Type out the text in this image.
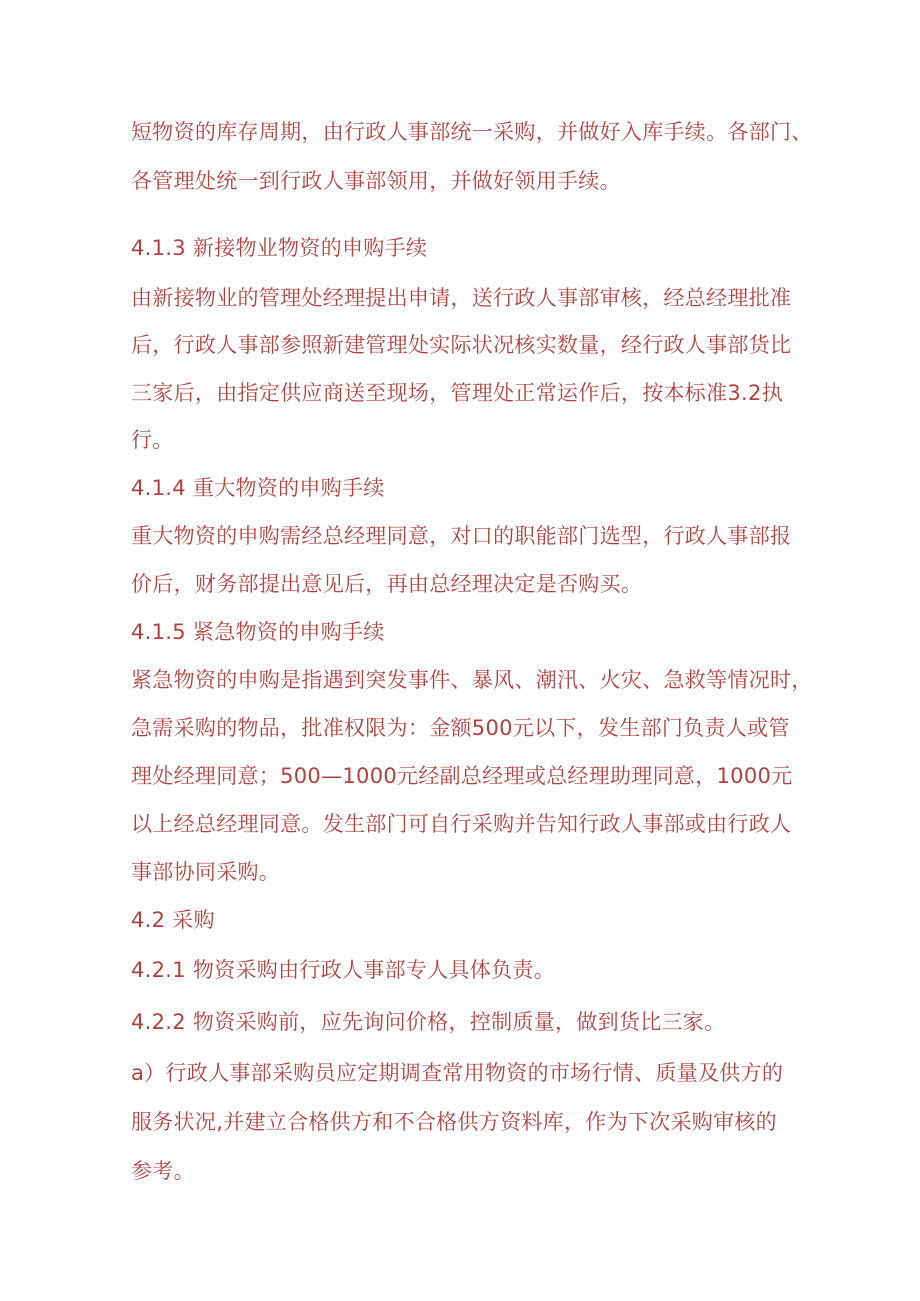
短物资的库存周期，由行政人事部统一采购，并做好入库手续。各部门、
各管理处统一到行政人事部领用，并做好领用手续。
4.1.3 新接物业物资的申购手续
由新接物业的管理处经理提出申请，送行政人事部审核，经总经理批准
后，行政人事部参照新建管理处实际状况核实数量，经行政人事部货比
三家后，由指定供应商送至现场，管理处正常运作后，按本标准3.2执
行。
4.1.4 重大物资的申购手续
重大物资的申购需经总经理同意，对口的职能部门选型，行政人事部报
价后，财务部提出意见后，再由总经理决定是否购买。
4.1.5 紧急物资的申购手续
紧急物资的申购是指遇到突发事件、暴风、潮汛、火灾、急救等情况时，
急需采购的物品，批准权限为：金额500元以下，发生部门负责人或管
理处经理同意；500—1000元经副总经理或总经理助理同意，1000元
以上经总经理同意。发生部门可自行采购并告知行政人事部或由行政人
事部协同采购。
4.2 采购
4.2.1 物资采购由行政人事部专人具体负责。
4.2.2 物资采购前，应先询问价格，控制质量，做到货比三家。
a）行政人事部采购员应定期调查常用物资的市场行情、质量及供方的
服务状况,并建立合格供方和不合格供方资料库，作为下次采购审核的
参考。
